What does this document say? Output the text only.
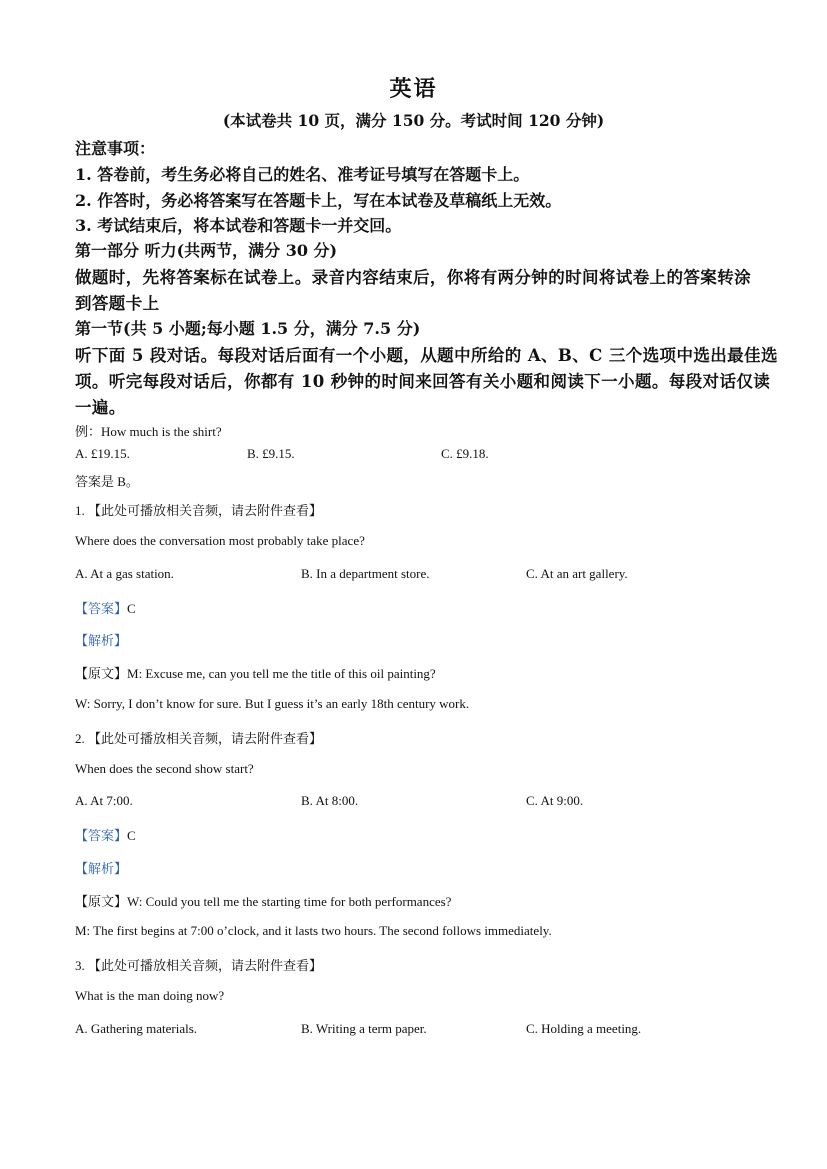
英语
(本试卷共 10 页，满分 150 分。考试时间 120 分钟)
注意事项：
1. 答卷前，考生务必将自己的姓名、准考证号填写在答题卡上。
2. 作答时，务必将答案写在答题卡上，写在本试卷及草稿纸上无效。
3. 考试结束后，将本试卷和答题卡一并交回。
第一部分 听力(共两节，满分 30 分)
做题时，先将答案标在试卷上。录音内容结束后，你将有两分钟的时间将试卷上的答案转涂
到答题卡上
第一节(共 5 小题;每小题 1.5 分，满分 7.5 分)
听下面 5 段对话。每段对话后面有一个小题，从题中所给的 A、B、C 三个选项中选出最佳选
项。听完每段对话后，你都有 10 秒钟的时间来回答有关小题和阅读下一小题。每段对话仅读
一遍。
例：How much is the shirt?
A. £19.15.	B. £9.15.	C. £9.18.
答案是 B。
1. 【此处可播放相关音频，请去附件查看】
Where does the conversation most probably take place?
A. At a gas station.	B. In a department store.	C. At an art gallery.
【答案】C
【解析】
【原文】M: Excuse me, can you tell me the title of this oil painting?
W: Sorry, I don’t know for sure. But I guess it’s an early 18th century work.
2. 【此处可播放相关音频，请去附件查看】
When does the second show start?
A. At 7:00.	B. At 8:00.	C. At 9:00.
【答案】C
【解析】
【原文】W: Could you tell me the starting time for both performances?
M: The first begins at 7:00 o’clock, and it lasts two hours. The second follows immediately.
3. 【此处可播放相关音频，请去附件查看】
What is the man doing now?
A. Gathering materials.	B. Writing a term paper.	C. Holding a meeting.
